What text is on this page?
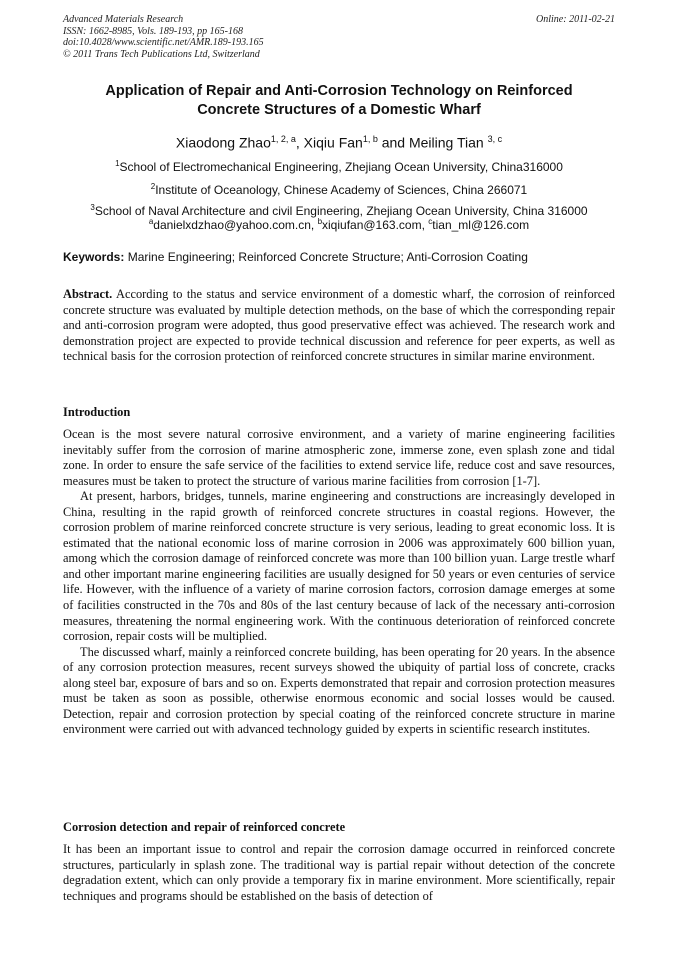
Advanced Materials Research
ISSN: 1662-8985, Vols. 189-193, pp 165-168
doi:10.4028/www.scientific.net/AMR.189-193.165
© 2011 Trans Tech Publications Ltd, Switzerland
Online: 2011-02-21
Application of Repair and Anti-Corrosion Technology on Reinforced
Concrete Structures of a Domestic Wharf
Xiaodong Zhao$^{1, 2, a}$, Xiqiu Fan$^{1, b}$ and Meiling Tian $^{3, c}$
$^1$School of Electromechanical Engineering, Zhejiang Ocean University, China316000
$^2$Institute of Oceanology, Chinese Academy of Sciences, China 266071
$^3$School of Naval Architecture and civil Engineering, Zhejiang Ocean University, China 316000
$^a$danielxdzhao@yahoo.com.cn, $^b$xiqiufan@163.com, $^c$tian_ml@126.com
Keywords: Marine Engineering; Reinforced Concrete Structure; Anti-Corrosion Coating

Abstract. According to the status and service environment of a domestic wharf, the corrosion of reinforced concrete structure was evaluated by multiple detection methods, on the base of which the corresponding repair and anti-corrosion program were adopted, thus good preservative effect was achieved. The research work and demonstration project are expected to provide technical discussion and reference for peer experts, as well as technical basis for the corrosion protection of reinforced concrete structures in similar marine environment.

Introduction

Ocean is the most severe natural corrosive environment, and a variety of marine engineering facilities inevitably suffer from the corrosion of marine atmospheric zone, immerse zone, even splash zone and tidal zone. In order to ensure the safe service of the facilities to extend service life, reduce cost and save resources, measures must be taken to protect the structure of various marine facilities from corrosion [1-7].

At present, harbors, bridges, tunnels, marine engineering and constructions are increasingly developed in China, resulting in the rapid growth of reinforced concrete structures in coastal regions. However, the corrosion problem of marine reinforced concrete structure is very serious, leading to great economic loss. It is estimated that the national economic loss of marine corrosion in 2006 was approximately 600 billion yuan, among which the corrosion damage of reinforced concrete was more than 100 billion yuan. Large trestle wharf and other important marine engineering facilities are usually designed for 50 years or even centuries of service life. However, with the influence of a variety of marine corrosion factors, corrosion damage emerges at some of facilities constructed in the 70s and 80s of the last century because of lack of the necessary anti-corrosion measures, threatening the normal engineering work. With the continuous deterioration of reinforced concrete corrosion, repair costs will be multiplied.

The discussed wharf, mainly a reinforced concrete building, has been operating for 20 years. In the absence of any corrosion protection measures, recent surveys showed the ubiquity of partial loss of concrete, cracks along steel bar, exposure of bars and so on. Experts demonstrated that repair and corrosion protection measures must be taken as soon as possible, otherwise enormous economic and social losses would be caused. Detection, repair and corrosion protection by special coating of the reinforced concrete structure in marine environment were carried out with advanced technology guided by experts in scientific research institutes.

Corrosion detection and repair of reinforced concrete

It has been an important issue to control and repair the corrosion damage occurred in reinforced concrete structures, particularly in splash zone. The traditional way is partial repair without detection of the concrete degradation extent, which can only provide a temporary fix in marine environment. More scientifically, repair techniques and programs should be established on the basis of detection of
